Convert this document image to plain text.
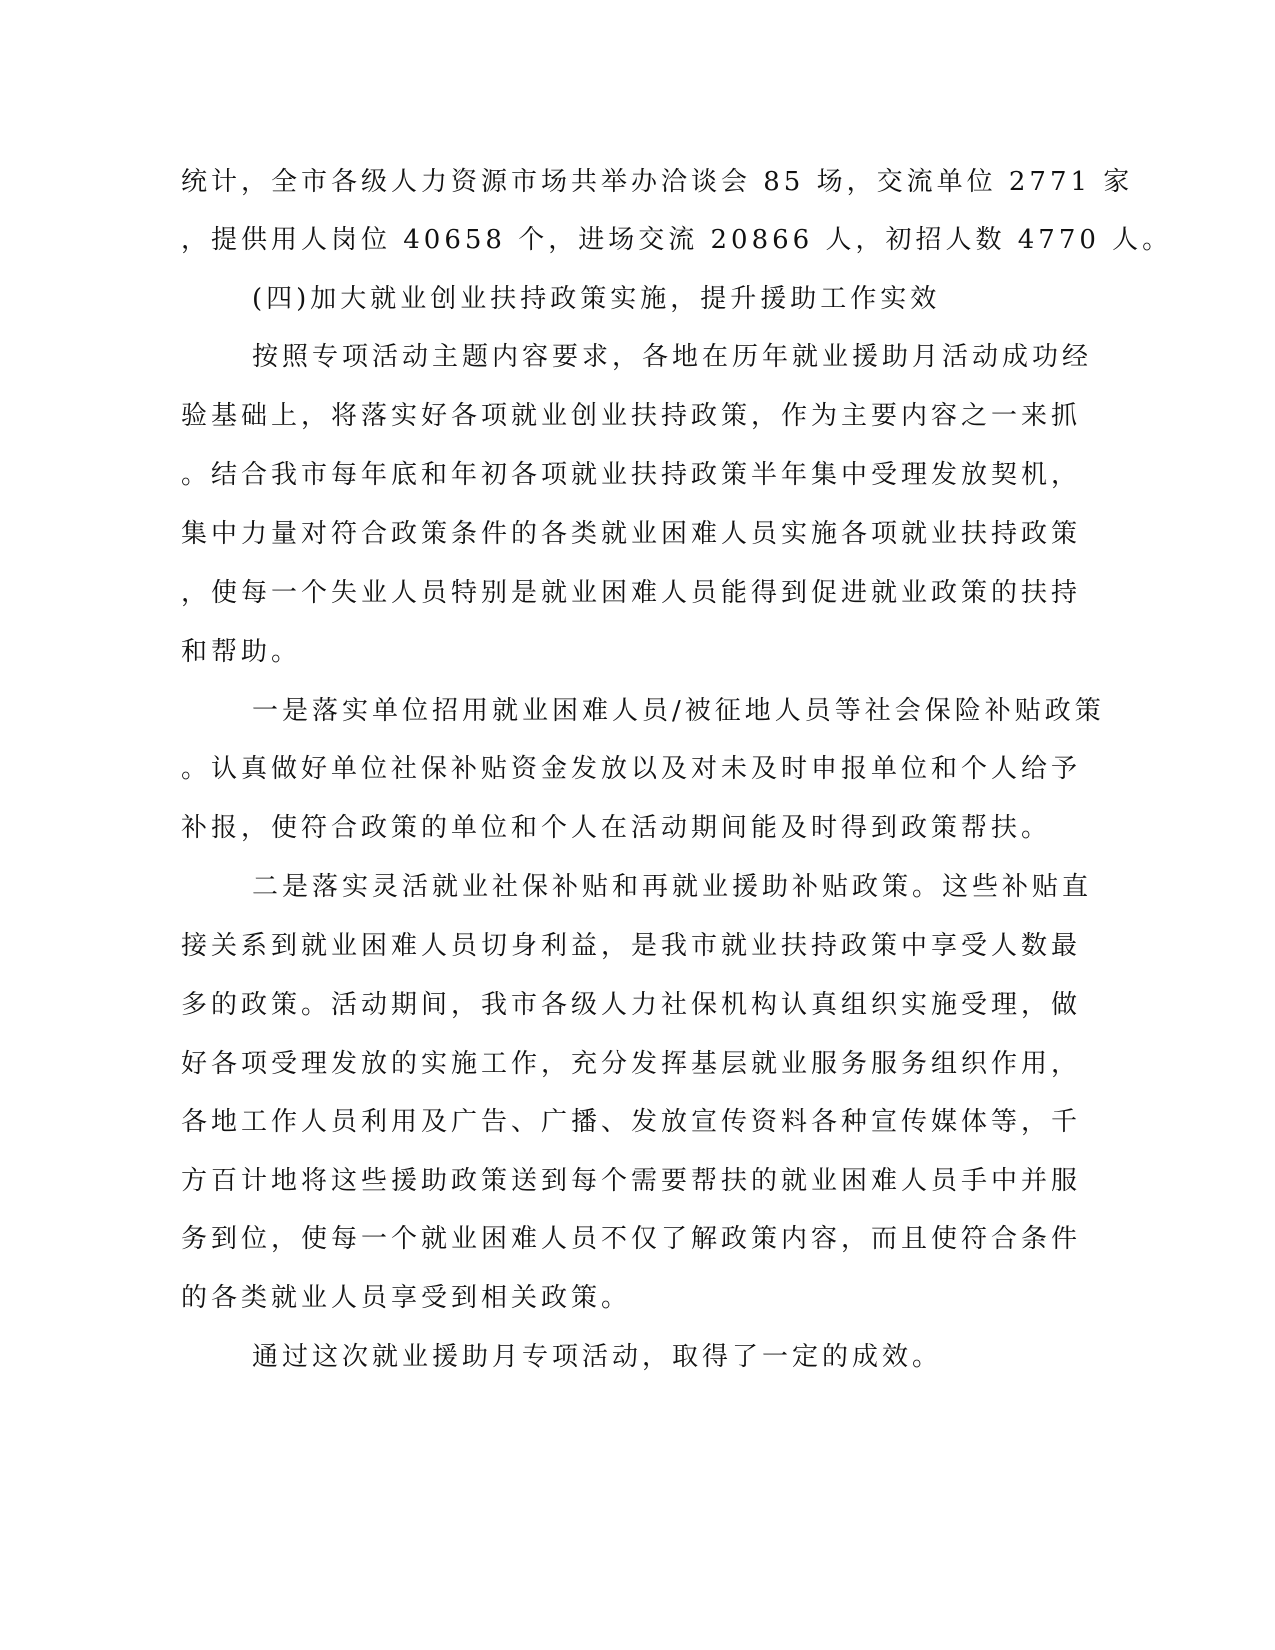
统计，全市各级人力资源市场共举办洽谈会 85 场，交流单位 2771 家

，提供用人岗位 40658 个，进场交流 20866 人，初招人数 4770 人。

(四)加大就业创业扶持政策实施，提升援助工作实效

按照专项活动主题内容要求，各地在历年就业援助月活动成功经

验基础上，将落实好各项就业创业扶持政策，作为主要内容之一来抓

。结合我市每年底和年初各项就业扶持政策半年集中受理发放契机，

集中力量对符合政策条件的各类就业困难人员实施各项就业扶持政策

，使每一个失业人员特别是就业困难人员能得到促进就业政策的扶持

和帮助。

一是落实单位招用就业困难人员/被征地人员等社会保险补贴政策

。认真做好单位社保补贴资金发放以及对未及时申报单位和个人给予

补报，使符合政策的单位和个人在活动期间能及时得到政策帮扶。

二是落实灵活就业社保补贴和再就业援助补贴政策。这些补贴直

接关系到就业困难人员切身利益，是我市就业扶持政策中享受人数最

多的政策。活动期间，我市各级人力社保机构认真组织实施受理，做

好各项受理发放的实施工作，充分发挥基层就业服务服务组织作用，

各地工作人员利用及广告、广播、发放宣传资料各种宣传媒体等，千

方百计地将这些援助政策送到每个需要帮扶的就业困难人员手中并服

务到位，使每一个就业困难人员不仅了解政策内容，而且使符合条件

的各类就业人员享受到相关政策。

通过这次就业援助月专项活动，取得了一定的成效。
